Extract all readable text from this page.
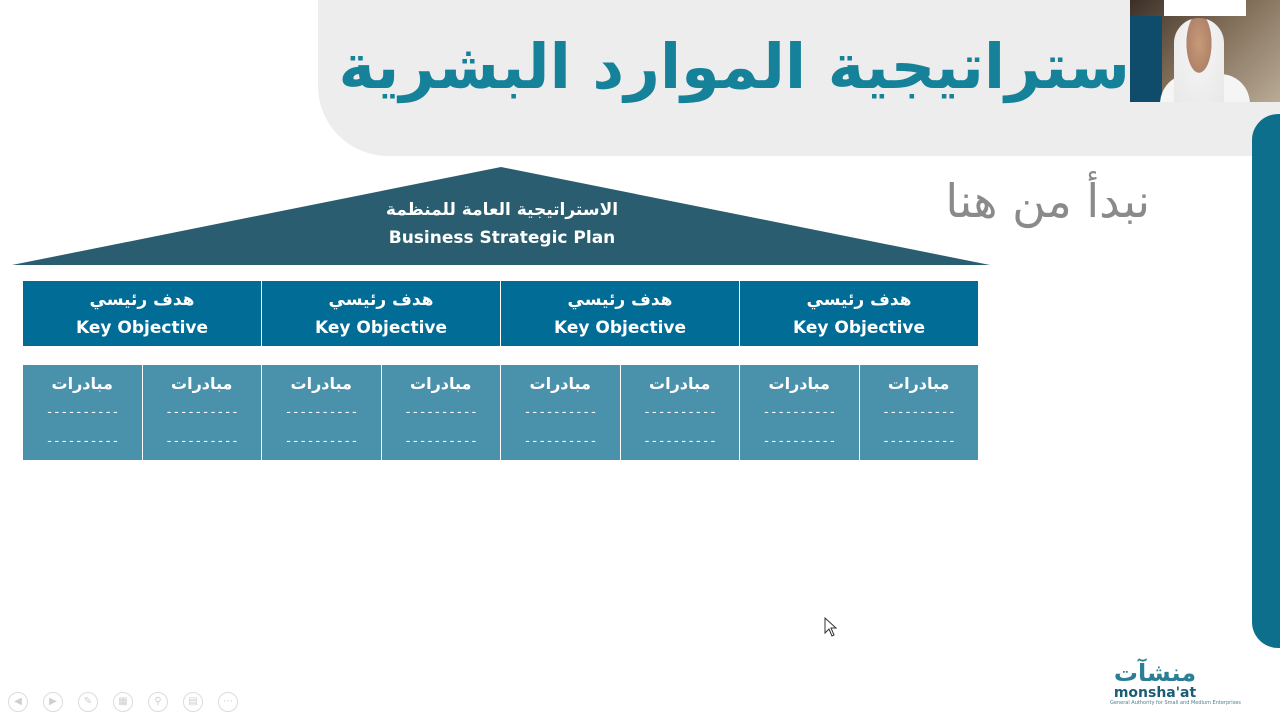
ستراتيجية الموارد البشرية
نبدأ من هنا
الاستراتيجية العامة للمنظمة
Business Strategic Plan
هدف رئيسي
Key Objective
هدف رئيسي
Key Objective
هدف رئيسي
Key Objective
هدف رئيسي
Key Objective
مبادرات
----------
----------
مبادرات
----------
----------
مبادرات
----------
----------
مبادرات
----------
----------
مبادرات
----------
----------
مبادرات
----------
----------
مبادرات
----------
----------
مبادرات
----------
----------
منشآت
monsha'at
General Authority for Small and Medium Enterprises
◀	▶	✎	▦	⚲	▤	⋯
